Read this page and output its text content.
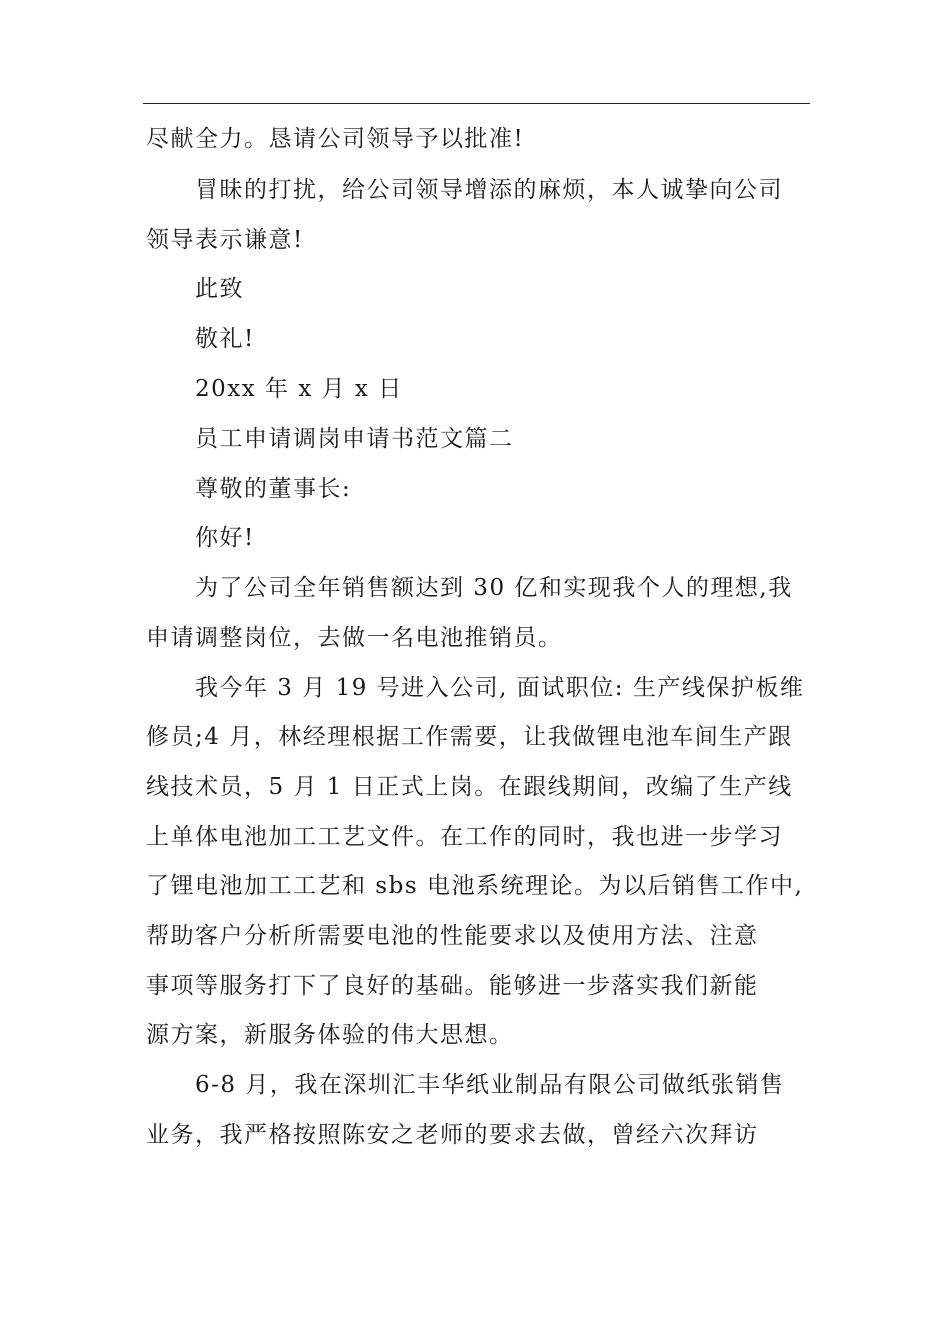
尽献全力。恳请公司领导予以批准!
冒昧的打扰，给公司领导增添的麻烦，本人诚挚向公司
领导表示谦意!
此致
敬礼!
20xx 年 x 月 x 日
员工申请调岗申请书范文篇二
尊敬的董事长:
你好!
为了公司全年销售额达到 30 亿和实现我个人的理想,我
申请调整岗位，去做一名电池推销员。
我今年 3 月 19 号进入公司, 面试职位: 生产线保护板维
修员;4 月，林经理根据工作需要，让我做锂电池车间生产跟
线技术员，5 月 1 日正式上岗。在跟线期间，改编了生产线
上单体电池加工工艺文件。在工作的同时，我也进一步学习
了锂电池加工工艺和 sbs 电池系统理论。为以后销售工作中,
帮助客户分析所需要电池的性能要求以及使用方法、注意
事项等服务打下了良好的基础。能够进一步落实我们新能
源方案，新服务体验的伟大思想。
6-8 月，我在深圳汇丰华纸业制品有限公司做纸张销售
业务，我严格按照陈安之老师的要求去做，曾经六次拜访
